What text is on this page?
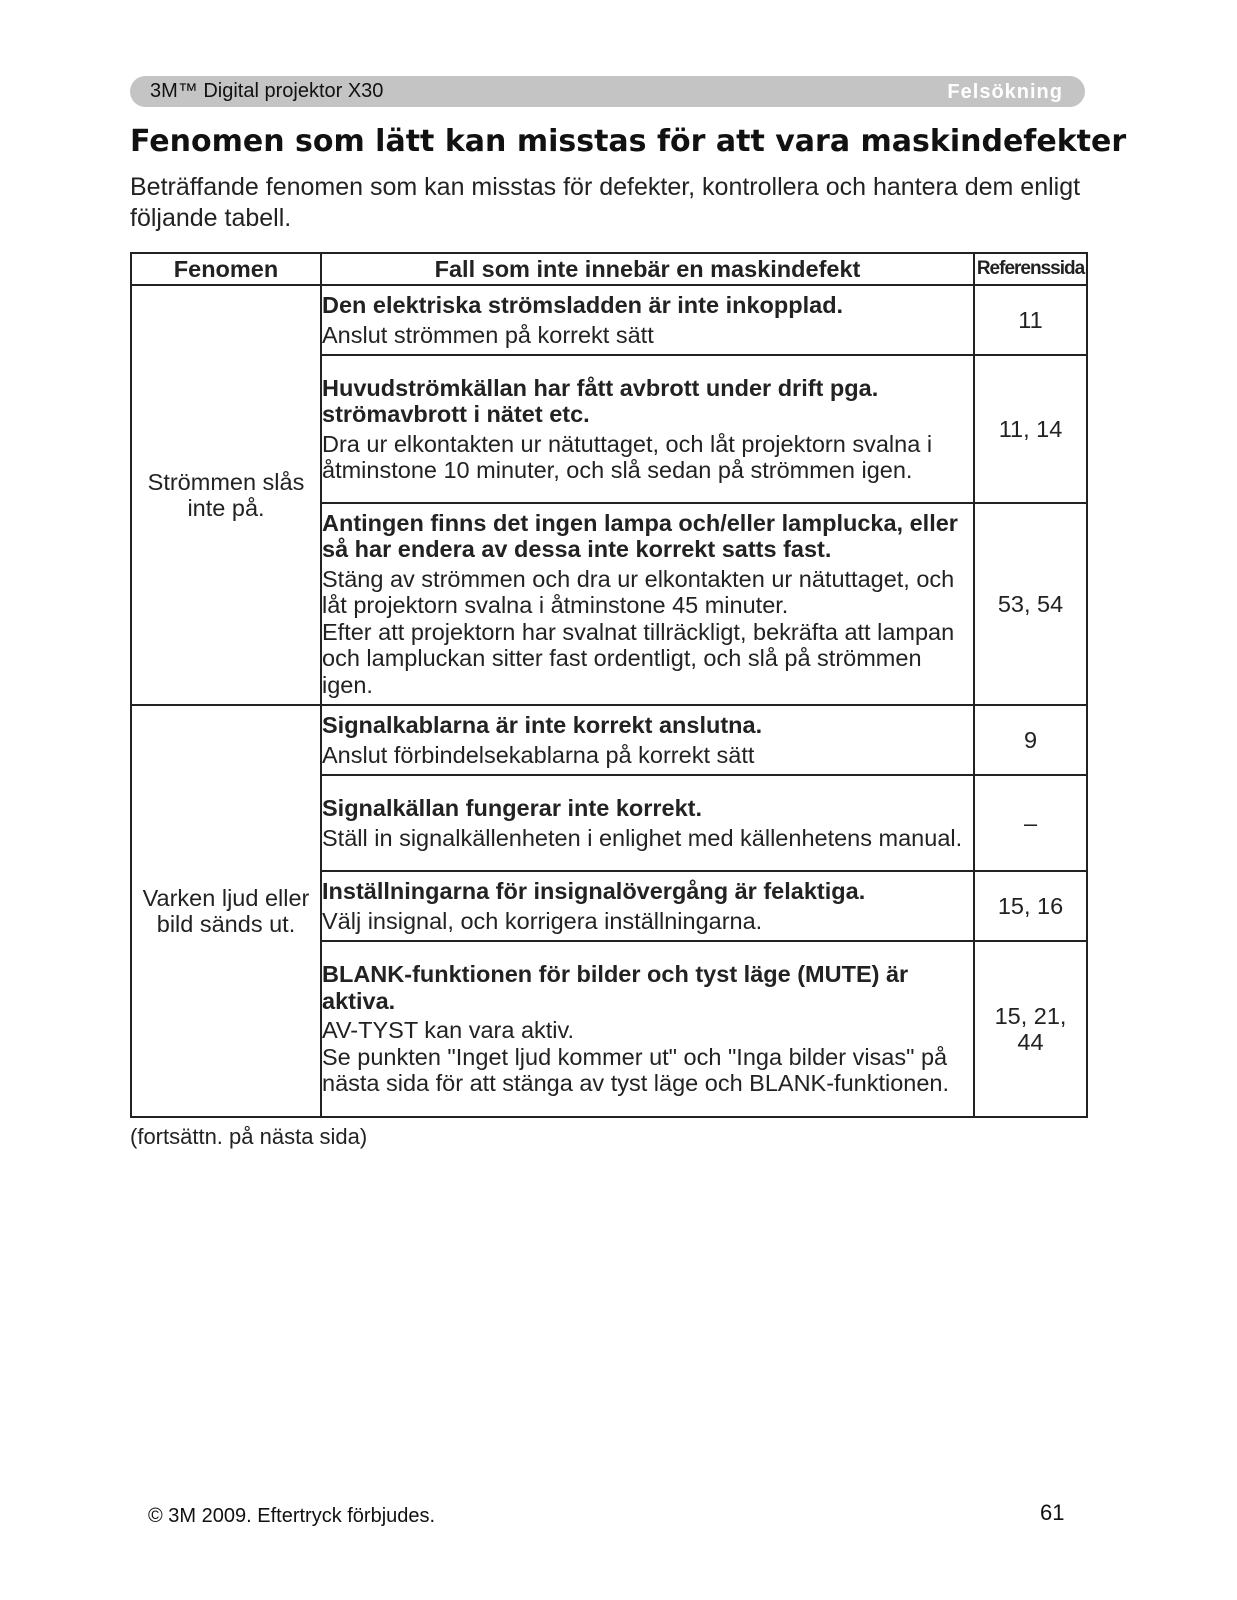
3M™ Digital projektor X30	Felsökning
Fenomen som lätt kan misstas för att vara maskindefekter

Beträffande fenomen som kan misstas för defekter, kontrollera och hantera dem enligt följande tabell.

Fenomen	Fall som inte innebär en maskindefekt	Referenssida
Strömmen slås inte på.	Den elektriska strömsladden är inte inkopplad.
Anslut strömmen på korrekt sätt	11

	Huvudströmkällan har fått avbrott under drift pga. strömavbrott i nätet etc.
Dra ur elkontakten ur nätuttaget, och låt projektorn svalna i åtminstone 10 minuter, och slå sedan på strömmen igen.	11, 14

	Antingen finns det ingen lampa och/eller lamplucka, eller så har endera av dessa inte korrekt satts fast.
Stäng av strömmen och dra ur elkontakten ur nätuttaget, och låt projektorn svalna i åtminstone 45 minuter.
Efter att projektorn har svalnat tillräckligt, bekräfta att lampan och lampluckan sitter fast ordentligt, och slå på strömmen igen.	53, 54
Varken ljud eller bild sänds ut.	Signalkablarna är inte korrekt anslutna.
Anslut förbindelsekablarna på korrekt sätt	9

	Signalkällan fungerar inte korrekt.
Ställ in signalkällenheten i enlighet med källenhetens manual.	–

	Inställningarna för insignalövergång är felaktiga.
Välj insignal, och korrigera inställningarna.	15, 16

	BLANK-funktionen för bilder och tyst läge (MUTE) är aktiva.
AV-TYST kan vara aktiv.
Se punkten "Inget ljud kommer ut" och "Inga bilder visas" på nästa sida för att stänga av tyst läge och BLANK-funktionen.	15, 21, 44
(fortsättn. på nästa sida)
© 3M 2009. Eftertryck förbjudes.	61
